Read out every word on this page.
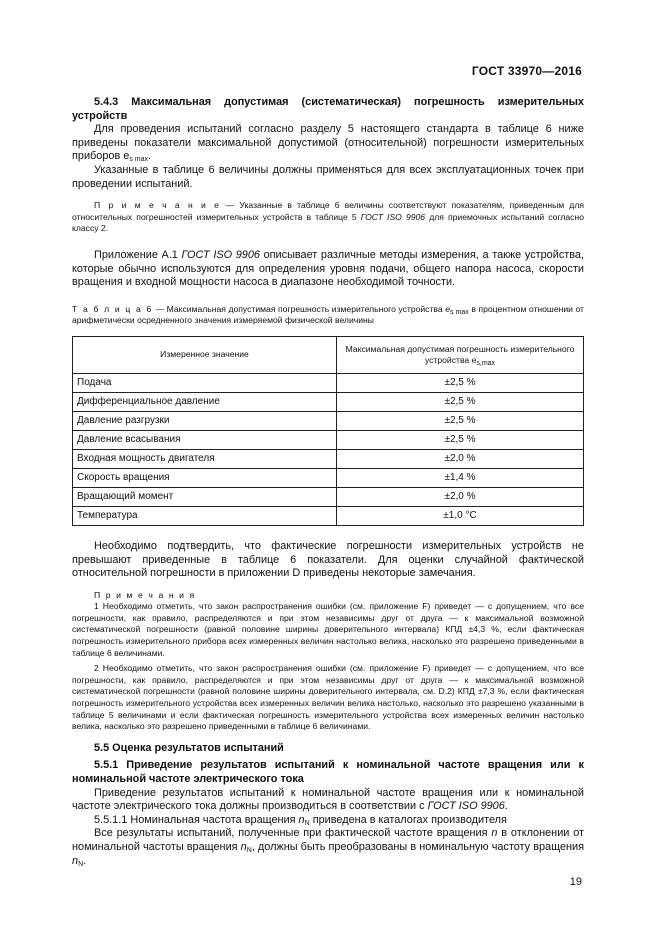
ГОСТ 33970—2016

5.4.3 Максимальная допустимая (систематическая) погрешность измерительных устройств

Для проведения испытаний согласно разделу 5 настоящего стандарта в таблице 6 ниже приведены показатели максимальной допустимой (относительной) погрешности измерительных приборов $e_{s max}$.

Указанные в таблице 6 величины должны применяться для всех эксплуатационных точек при проведении испытаний.

П р и м е ч а н и е — Указанные в таблице 6 величины соответствуют показателям, приведенным для относительных погрешностей измерительных устройств в таблице 5 ГОСТ ISO 9906 для приемочных испытаний согласно классу 2.

Приложение А.1 ГОСТ ISO 9906 описывает различные методы измерения, а также устройства, которые обычно используются для определения уровня подачи, общего напора насоса, скорости вращения и входной мощности насоса в диапазоне необходимой точности.

Т а б л и ц а 6 — Максимальная допустимая погрешность измерительного устройства $e_{s max}$ в процентном отношении от арифметически осредненного значения измеряемой физической величины

Измеренное значение	Максимальная допустимая погрешность измерительного устройства $e_{s,max}$
Подача	±2,5 %
Дифференциальное давление	±2,5 %
Давление разгрузки	±2,5 %
Давление всасывания	±2,5 %
Входная мощность двигателя	±2,0 %
Скорость вращения	±1,4 %
Вращающий момент	±2,0 %
Температура	±1,0 °С

Необходимо подтвердить, что фактические погрешности измерительных устройств не превышают приведенные в таблице 6 показатели. Для оценки случайной фактической относительной погрешности в приложении D приведены некоторые замечания.

П р и м е ч а н и я

1 Необходимо отметить, что закон распространения ошибки (см. приложение F) приведет — с допущением, что все погрешности, как правило, распределяются и при этом независимы друг от друга — к максимальной возможной систематической погрешности (равной половине ширины доверительного интервала) КПД ±4,3 %, если фактическая погрешность измерительного прибора всех измеренных величин настолько велика, насколько это разрешено приведенными в таблице 6 величинами.

2 Необходимо отметить, что закон распространения ошибки (см. приложение F) приведет — с допущением, что все погрешности, как правило, распределяются и при этом независимы друг от друга — к максимальной возможной систематической погрешности (равной половине ширины доверительного интервала, см. D.2) КПД ±7,3 %, если фактическая погрешность измерительного устройства всех измеренных величин велика настолько, насколько это разрешено указанными в таблице 5 величинами и если фактическая погрешность измерительного устройства всех измеренных величин настолько велика, насколько это разрешено приведенными в таблице 6 величинами.

5.5 Оценка результатов испытаний

5.5.1 Приведение результатов испытаний к номинальной частоте вращения или к номинальной частоте электрического тока

Приведение результатов испытаний к номинальной частоте вращения или к номинальной частоте электрического тока должны производиться в соответствии с ГОСТ ISO 9906.

5.5.1.1 Номинальная частота вращения $n_N$ приведена в каталогах производителя

Все результаты испытаний, полученные при фактической частоте вращения n в отклонении от номинальной частоты вращения $n_N$, должны быть преобразованы в номинальную частоту вращения $n_N$.

19
